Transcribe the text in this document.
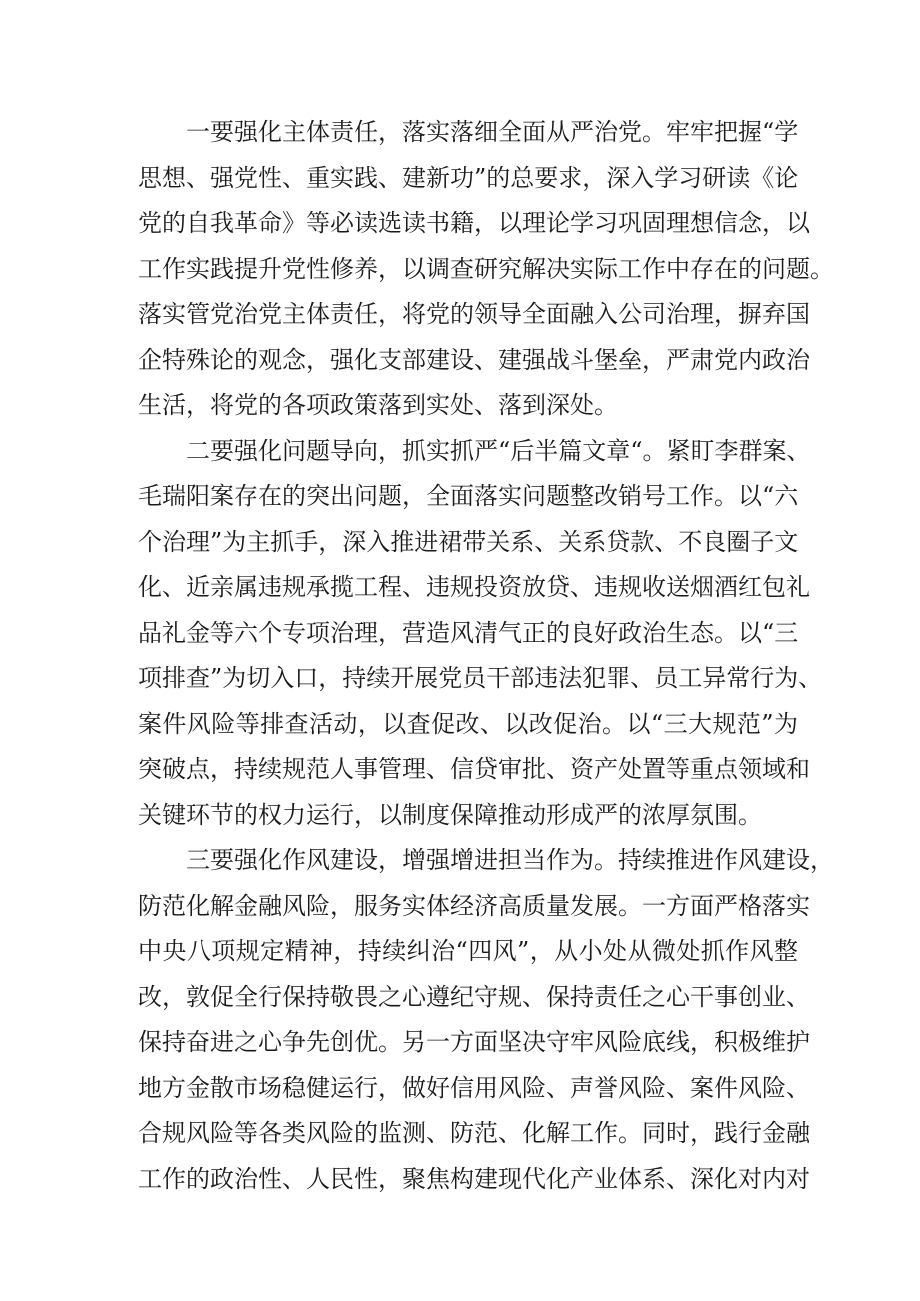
一要强化主体责任，落实落细全面从严治党。牢牢把握“学
思想、强党性、重实践、建新功”的总要求，深入学习研读《论
党的自我革命》等必读选读书籍，以理论学习巩固理想信念，以
工作实践提升党性修养，以调查研究解决实际工作中存在的问题。
落实管党治党主体责任，将党的领导全面融入公司治理，摒弃国
企特殊论的观念，强化支部建设、建强战斗堡垒，严肃党内政治
生活，将党的各项政策落到实处、落到深处。
二要强化问题导向，抓实抓严“后半篇文章“。紧盯李群案、
毛瑞阳案存在的突出问题，全面落实问题整改销号工作。以“六
个治理”为主抓手，深入推进裙带关系、关系贷款、不良圈子文
化、近亲属违规承揽工程、违规投资放贷、违规收送烟酒红包礼
品礼金等六个专项治理，营造风清气正的良好政治生态。以“三
项排查”为切入口，持续开展党员干部违法犯罪、员工异常行为、
案件风险等排查活动，以査促改、以改促治。以“三大规范”为
突破点，持续规范人事管理、信贷审批、资产处置等重点领域和
关键环节的权力运行，以制度保障推动形成严的浓厚氛围。
三要强化作风建设，增强增进担当作为。持续推进作风建设，
防范化解金融风险，服务实体经济高质量发展。一方面严格落实
中央八项规定精神，持续纠治“四风”，从小处从微处抓作风整
改，敦促全行保持敬畏之心遵纪守规、保持责任之心干事创业、
保持奋进之心争先创优。另一方面坚决守牢风险底线，积极维护
地方金散市场稳健运行，做好信用风险、声誉风险、案件风险、
合规风险等各类风险的监测、防范、化解工作。同时，践行金融
工作的政治性、人民性，聚焦构建现代化产业体系、深化对内对
